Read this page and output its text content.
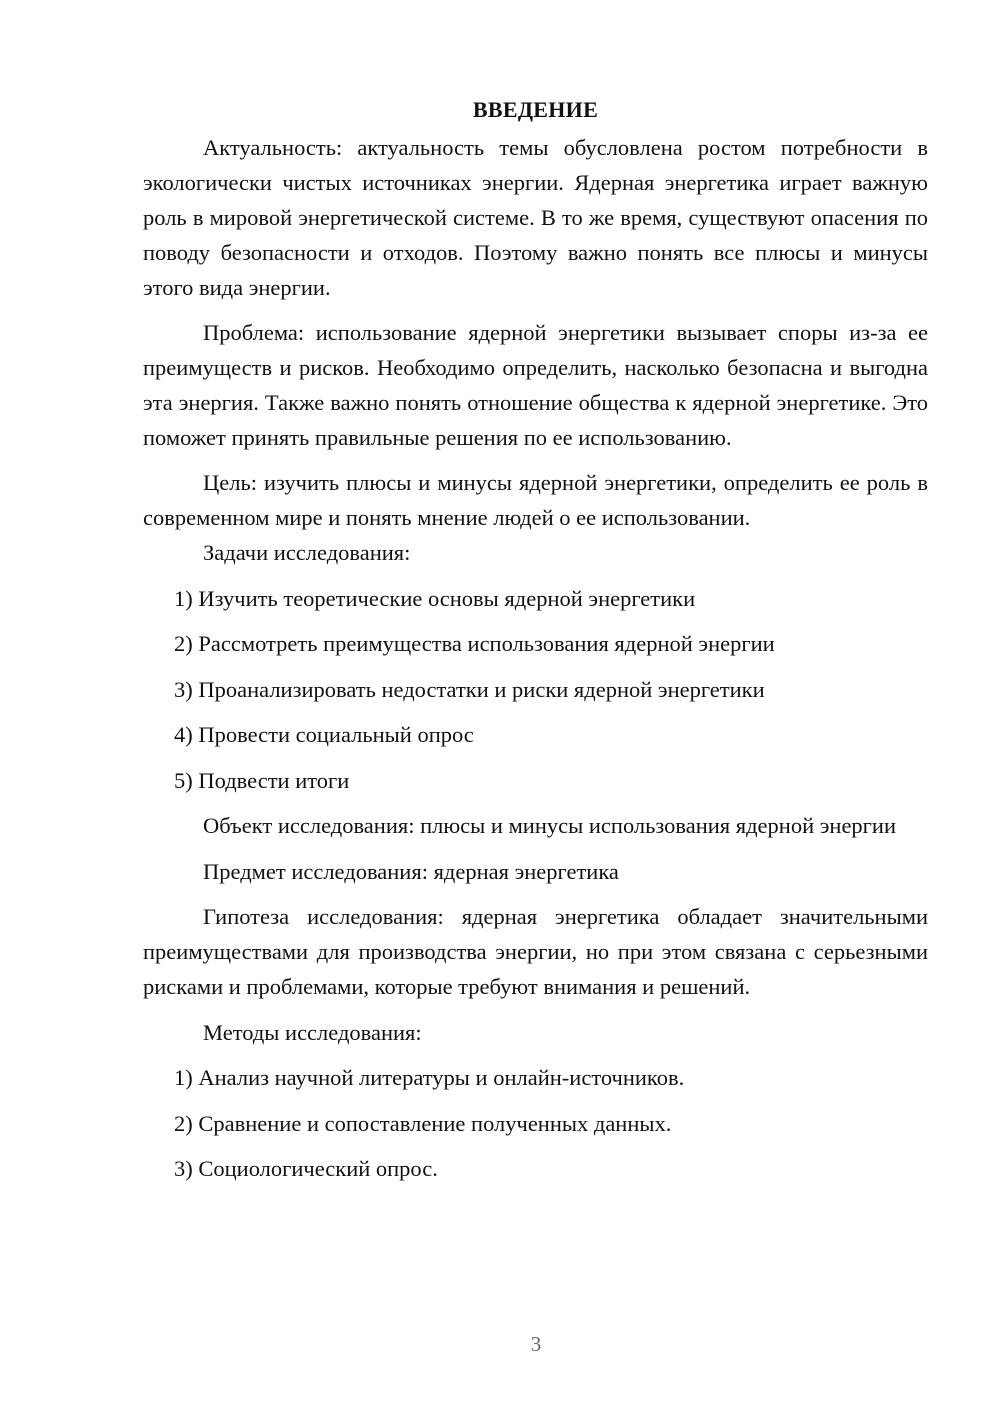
ВВЕДЕНИЕ

Актуальность: актуальность темы обусловлена ростом потребности в экологически чистых источниках энергии. Ядерная энергетика играет важную роль в мировой энергетической системе. В то же время, существуют опасения по поводу безопасности и отходов. Поэтому важно понять все плюсы и минусы этого вида энергии.

Проблема: использование ядерной энергетики вызывает споры из-за ее преимуществ и рисков. Необходимо определить, насколько безопасна и выгодна эта энергия. Также важно понять отношение общества к ядерной энергетике. Это поможет принять правильные решения по ее использованию.

Цель: изучить плюсы и минусы ядерной энергетики, определить ее роль в современном мире и понять мнение людей о ее использовании.

Задачи исследования:

1) Изучить теоретические основы ядерной энергетики

2) Рассмотреть преимущества использования ядерной энергии

3) Проанализировать недостатки и риски ядерной энергетики

4) Провести социальный опрос

5) Подвести итоги

Объект исследования: плюсы и минусы использования ядерной энергии

Предмет исследования: ядерная энергетика

Гипотеза исследования: ядерная энергетика обладает значительными преимуществами для производства энергии, но при этом связана с серьезными рисками и проблемами, которые требуют внимания и решений.

Методы исследования:

1) Анализ научной литературы и онлайн-источников.

2) Сравнение и сопоставление полученных данных.

3) Социологический опрос.

3
